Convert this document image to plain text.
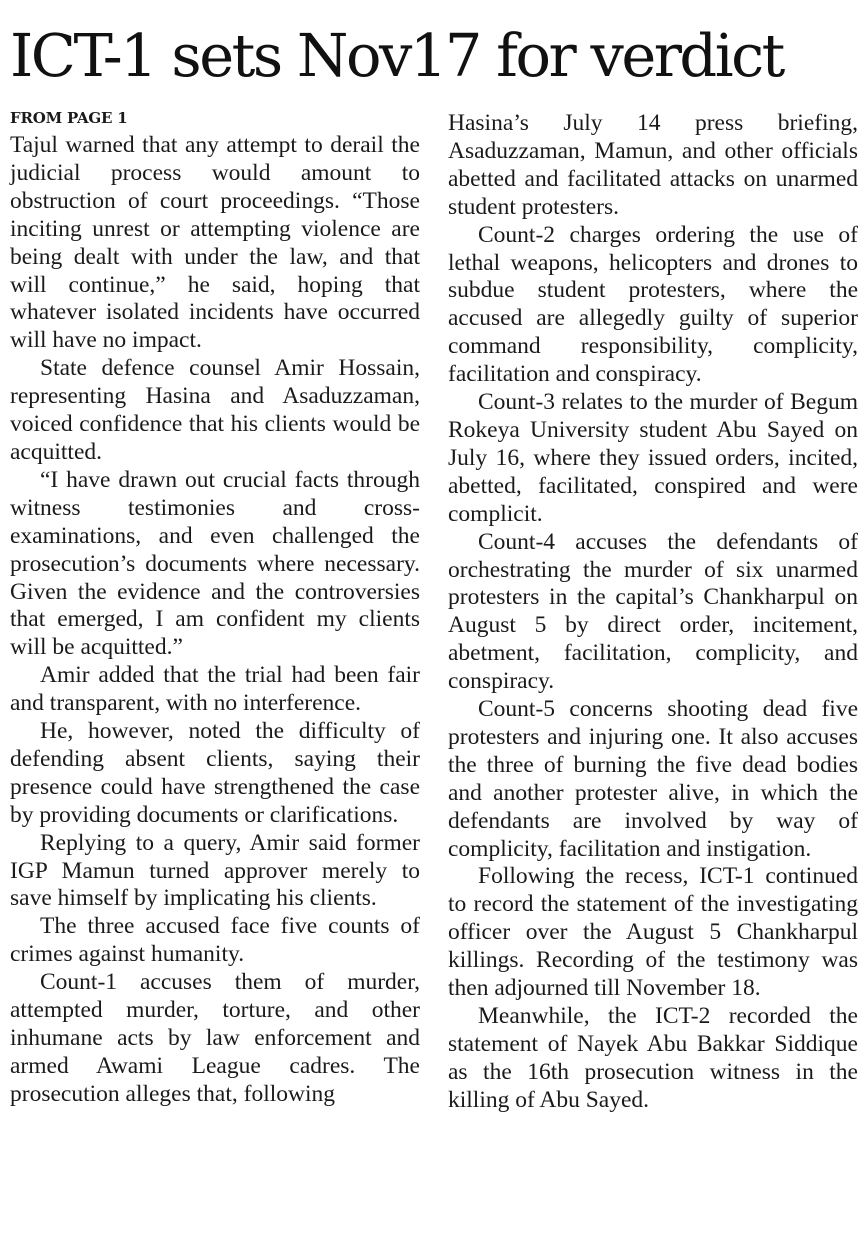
ICT-1 sets Nov17 for verdict

FROM PAGE 1

Tajul warned that any attempt to derail the judicial process would amount to obstruction of court proceedings. “Those inciting unrest or attempting violence are being dealt with under the law, and that will continue,” he said, hoping that whatever isolated incidents have occurred will have no impact.

State defence counsel Amir Hossain, representing Hasina and Asaduzzaman, voiced confidence that his clients would be acquitted.

“I have drawn out crucial facts through witness testimonies and cross-examinations, and even challenged the prosecution’s documents where necessary. Given the evidence and the controversies that emerged, I am confident my clients will be acquitted.”

Amir added that the trial had been fair and transparent, with no interference.

He, however, noted the difficulty of defending absent clients, saying their presence could have strengthened the case by providing documents or clarifications.

Replying to a query, Amir said former IGP Mamun turned approver merely to save himself by implicating his clients.

The three accused face five counts of crimes against humanity.

Count-1 accuses them of murder, attempted murder, torture, and other inhumane acts by law enforcement and armed Awami League cadres. The prosecution alleges that, following

Hasina’s July 14 press briefing, Asaduzzaman, Mamun, and other officials abetted and facilitated attacks on unarmed student protesters.

Count-2 charges ordering the use of lethal weapons, helicopters and drones to subdue student protesters, where the accused are allegedly guilty of superior command responsibility, complicity, facilitation and conspiracy.

Count-3 relates to the murder of Begum Rokeya University student Abu Sayed on July 16, where they issued orders, incited, abetted, facilitated, conspired and were complicit.

Count-4 accuses the defendants of orchestrating the murder of six unarmed protesters in the capital’s Chankharpul on August 5 by direct order, incitement, abetment, facilitation, complicity, and conspiracy.

Count-5 concerns shooting dead five protesters and injuring one. It also accuses the three of burning the five dead bodies and another protester alive, in which the defendants are involved by way of complicity, facilitation and instigation.

Following the recess, ICT-1 continued to record the statement of the investigating officer over the August 5 Chankharpul killings. Recording of the testimony was then adjourned till November 18.

Meanwhile, the ICT-2 recorded the statement of Nayek Abu Bakkar Siddique as the 16th prosecution witness in the killing of Abu Sayed.
